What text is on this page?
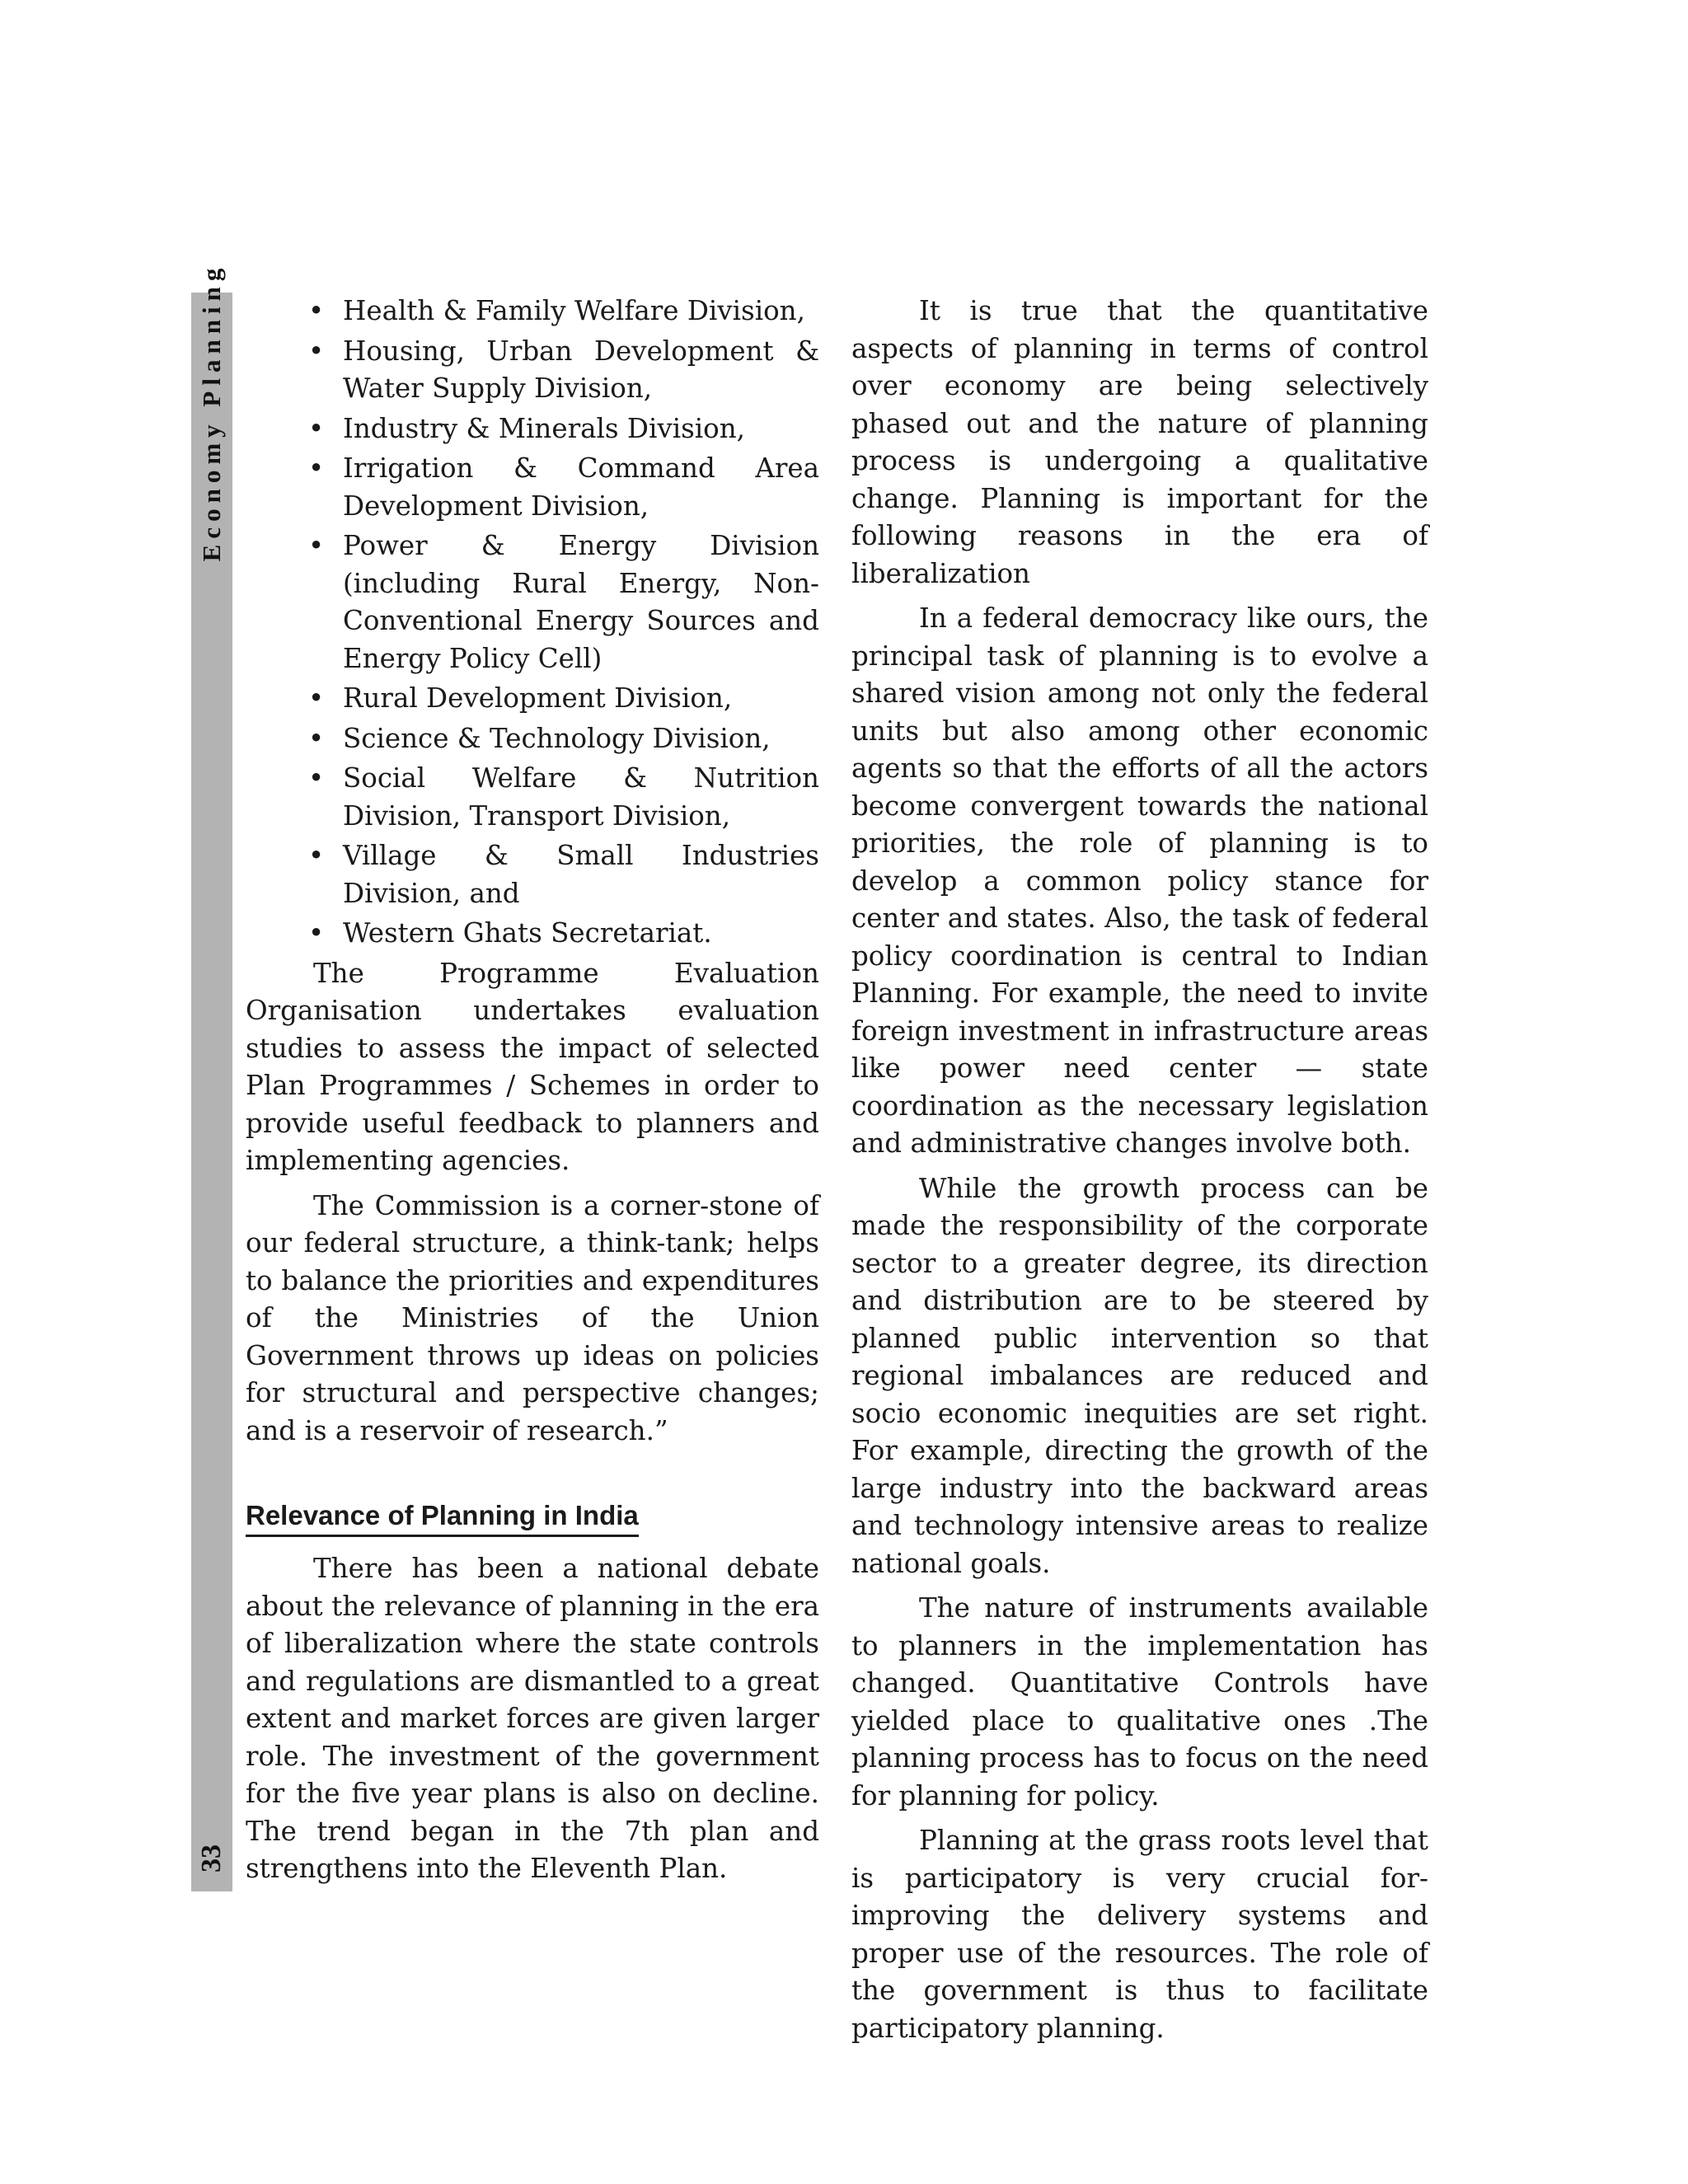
Economy Planning
33
• Health & Family Welfare Division,
• Housing, Urban Development & Water Supply Division,
• Industry & Minerals Division,
• Irrigation & Command Area Development Division,
• Power & Energy Division (including Rural Energy, Non-Conventional Energy Sources and Energy Policy Cell)
• Rural Development Division,
• Science & Technology Division,
• Social Welfare & Nutrition Division, Transport Division,
• Village & Small Industries Division, and
• Western Ghats Secretariat.

The Programme Evaluation Organisation undertakes evaluation studies to assess the impact of selected Plan Programmes / Schemes in order to provide useful feedback to planners and implementing agencies.

The Commission is a corner-stone of our federal structure, a think-tank; helps to balance the priorities and expenditures of the Ministries of the Union Government throws up ideas on policies for structural and perspective changes; and is a reservoir of research.”

Relevance of Planning in India

There has been a national debate about the relevance of planning in the era of liberalization where the state controls and regulations are dismantled to a great extent and market forces are given larger role. The investment of the government for the five year plans is also on decline. The trend began in the 7th plan and strengthens into the Eleventh Plan.

It is true that the quantitative aspects of planning in terms of control over economy are being selectively phased out and the nature of planning process is undergoing a qualitative change. Planning is important for the following reasons in the era of liberalization

In a federal democracy like ours, the principal task of planning is to evolve a shared vision among not only the federal units but also among other economic agents so that the efforts of all the actors become convergent towards the national priorities, the role of planning is to develop a common policy stance for center and states. Also, the task of federal policy coordination is central to Indian Planning. For example, the need to invite foreign investment in infrastructure areas like power need center — state coordination as the necessary legislation and administrative changes involve both.

While the growth process can be made the responsibility of the corporate sector to a greater degree, its direction and distribution are to be steered by planned public intervention so that regional imbalances are reduced and socio economic inequities are set right. For example, directing the growth of the large industry into the backward areas and technology intensive areas to realize national goals.

The nature of instruments available to planners in the implementation has changed. Quantitative Controls have yielded place to qualitative ones .The planning process has to focus on the need for planning for policy.

Planning at the grass roots level that is participatory is very crucial for- improving the delivery systems and proper use of the resources. The role of the government is thus to facilitate participatory planning.
